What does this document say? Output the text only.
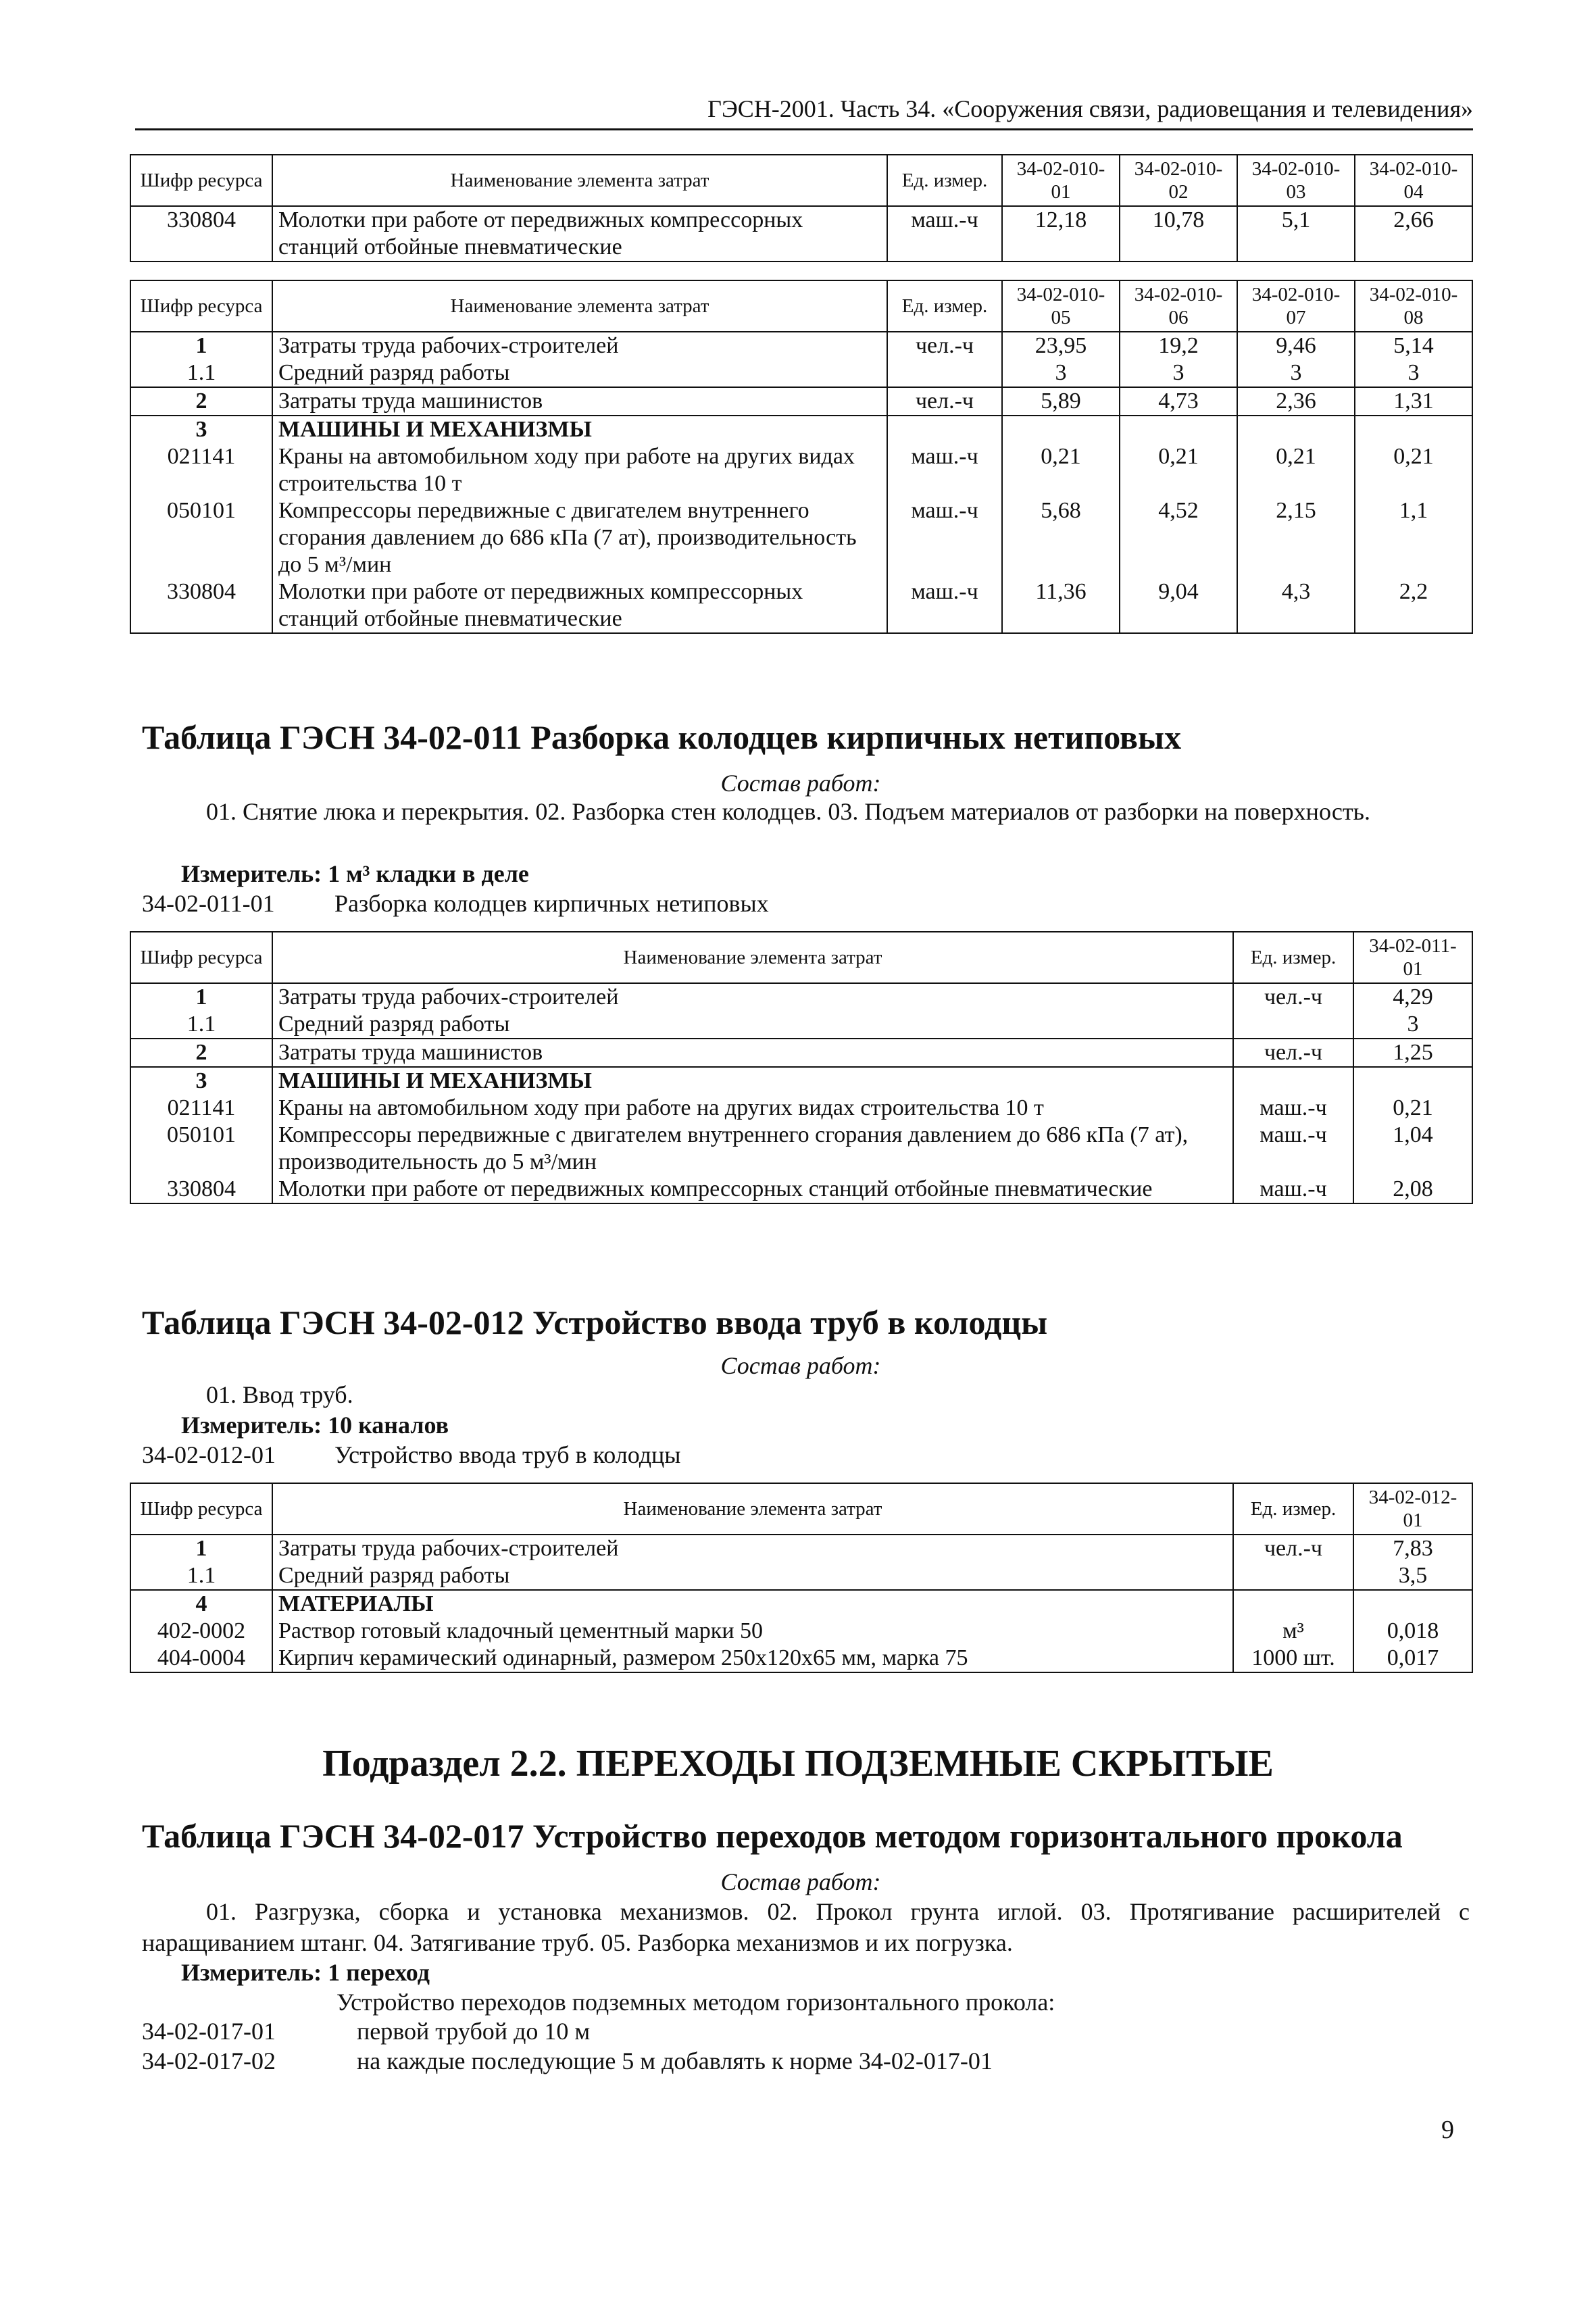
ГЭСН-2001. Часть 34. «Сооружения связи, радиовещания и телевидения»
Шифр ресурса	Наименование элемента затрат	Ед. измер.	34-02-010-01	34-02-010-02	34-02-010-03	34-02-010-04
330804	Молотки при работе от передвижных компрессорных станций отбойные пневматические	маш.-ч	12,18	10,78	5,1	2,66
Шифр ресурса	Наименование элемента затрат	Ед. измер.	34-02-010-05	34-02-010-06	34-02-010-07	34-02-010-08
1	Затраты труда рабочих-строителей	чел.-ч	23,95	19,2	9,46	5,14
1.1	Средний разряд работы		3	3	3	3
2	Затраты труда машинистов	чел.-ч	5,89	4,73	2,36	1,31
3	МАШИНЫ И МЕХАНИЗМЫ					
021141	Краны на автомобильном ходу при работе на других видах строительства 10 т	маш.-ч	0,21	0,21	0,21	0,21
050101	Компрессоры передвижные с двигателем внутреннего сгорания давлением до 686 кПа (7 ат), производительность до 5 м³/мин	маш.-ч	5,68	4,52	2,15	1,1
330804	Молотки при работе от передвижных компрессорных станций отбойные пневматические	маш.-ч	11,36	9,04	4,3	2,2
Таблица ГЭСН 34-02-011 Разборка колодцев кирпичных нетиповых
Состав работ:
01. Снятие люка и перекрытия. 02. Разборка стен колодцев. 03. Подъем материалов от разборки на поверхность.
Измеритель: 1 м³ кладки в деле
34-02-011-01 Разборка колодцев кирпичных нетиповых
Шифр ресурса	Наименование элемента затрат	Ед. измер.	34-02-011-01
1	Затраты труда рабочих-строителей	чел.-ч	4,29
1.1	Средний разряд работы		3
2	Затраты труда машинистов	чел.-ч	1,25
3	МАШИНЫ И МЕХАНИЗМЫ		
021141	Краны на автомобильном ходу при работе на других видах строительства 10 т	маш.-ч	0,21
050101	Компрессоры передвижные с двигателем внутреннего сгорания давлением до 686 кПа (7 ат), производительность до 5 м³/мин	маш.-ч	1,04
330804	Молотки при работе от передвижных компрессорных станций отбойные пневматические	маш.-ч	2,08
Таблица ГЭСН 34-02-012 Устройство ввода труб в колодцы
Состав работ:
01. Ввод труб.
Измеритель: 10 каналов
34-02-012-01 Устройство ввода труб в колодцы
Шифр ресурса	Наименование элемента затрат	Ед. измер.	34-02-012-01
1	Затраты труда рабочих-строителей	чел.-ч	7,83
1.1	Средний разряд работы		3,5
4	МАТЕРИАЛЫ		
402-0002	Раствор готовый кладочный цементный марки 50	м³	0,018
404-0004	Кирпич керамический одинарный, размером 250х120х65 мм, марка 75	1000 шт.	0,017
Подраздел 2.2. ПЕРЕХОДЫ ПОДЗЕМНЫЕ СКРЫТЫЕ
Таблица ГЭСН 34-02-017 Устройство переходов методом горизонтального прокола
Состав работ:
01. Разгрузка, сборка и установка механизмов. 02. Прокол грунта иглой. 03. Протягивание расширителей с наращиванием штанг. 04. Затягивание труб. 05. Разборка механизмов и их погрузка.
Измеритель: 1 переход
Устройство переходов подземных методом горизонтального прокола:
34-02-017-01	первой трубой до 10 м
34-02-017-02	на каждые последующие 5 м добавлять к норме 34-02-017-01
9
